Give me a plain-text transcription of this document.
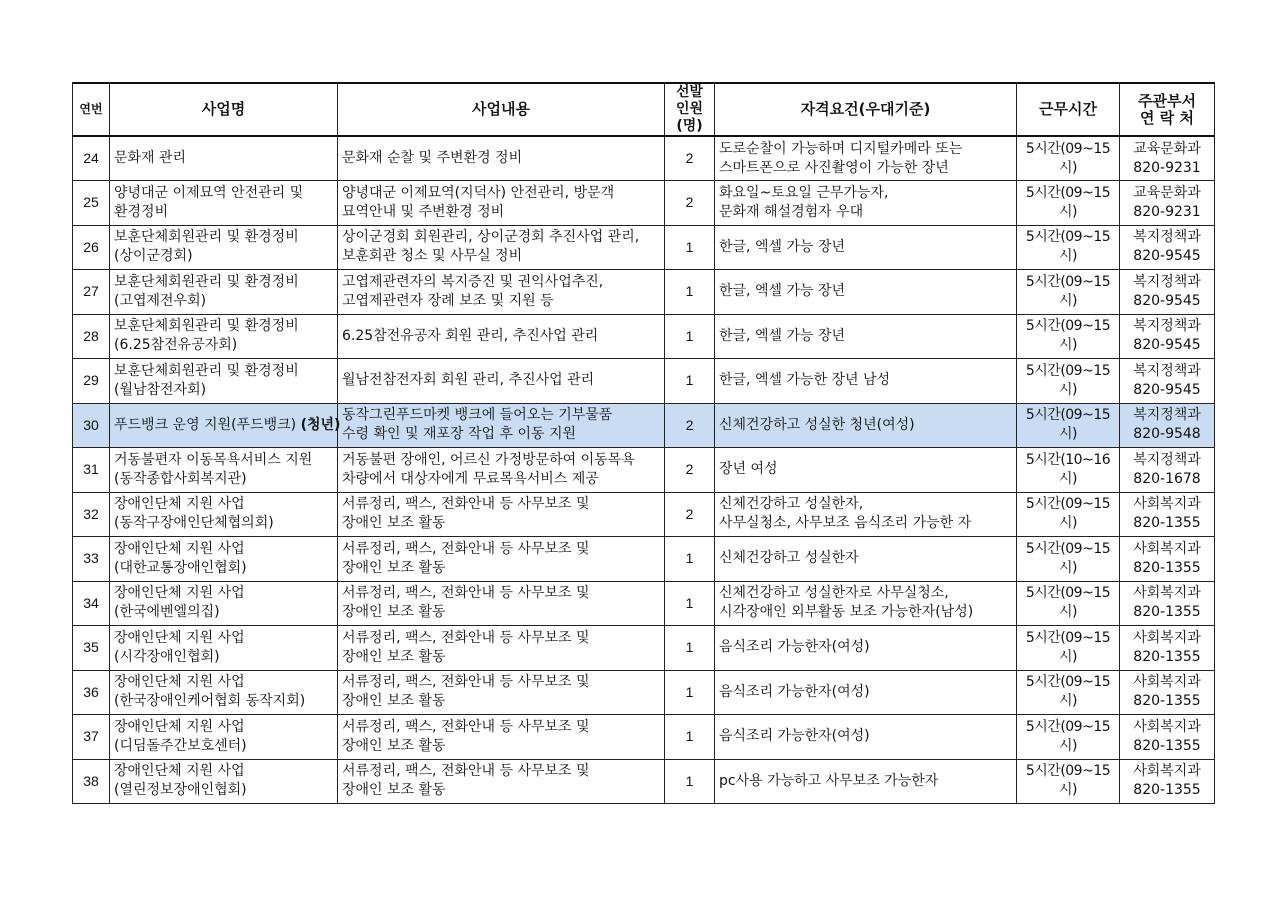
연번	사업명	사업내용	선발 인원 (명)	자격요건(우대기준)	근무시간	주관부서 연 락 처
24	문화재 관리	문화재 순찰 및 주변환경 정비	2	도로순찰이 가능하며 디지털카메라 또는
스마트폰으로 사진촬영이 가능한 장년	5시간(09~15시)	교육문화과
820-9231

25	양녕대군 이제묘역 안전관리 및
환경정비	양녕대군 이제묘역(지덕사) 안전관리, 방문객
묘역안내 및 주변환경 정비	2	화요일~토요일 근무가능자,
문화재 해설경험자 우대	5시간(09~15시)	교육문화과
820-9231

26	보훈단체회원관리 및 환경정비
(상이군경회)	상이군경회 회원관리, 상이군경회 추진사업 관리,
보훈회관 청소 및 사무실 정비	1	한글, 엑셀 가능 장년	5시간(09~15시)	복지정책과
820-9545

27	보훈단체회원관리 및 환경정비
(고엽제전우회)	고엽제관련자의 복지증진 및 권익사업추진,
고엽제관련자 장례 보조 및 지원 등	1	한글, 엑셀 가능 장년	5시간(09~15시)	복지정책과
820-9545

28	보훈단체회원관리 및 환경정비
(6.25참전유공자회)	6.25참전유공자 회원 관리, 추진사업 관리	1	한글, 엑셀 가능 장년	5시간(09~15시)	복지정책과
820-9545

29	보훈단체회원관리 및 환경정비
(월남참전자회)	월남전참전자회 회원 관리, 추진사업 관리	1	한글, 엑셀 가능한 장년 남성	5시간(09~15시)	복지정책과
820-9545

30	푸드뱅크 운영 지원(푸드뱅크) (청년)	동작그린푸드마켓 뱅크에 들어오는 기부물품
수령 확인 및 재포장 작업 후 이동 지원	2	신체건강하고 성실한 청년(여성)	5시간(09~15시)	복지정책과
820-9548

31	거동불편자 이동목욕서비스 지원
(동작종합사회복지관)	거동불편 장애인, 어르신 가정방문하여 이동목욕
차량에서 대상자에게 무료목욕서비스 제공	2	장년 여성	5시간(10~16시)	복지정책과
820-1678

32	장애인단체 지원 사업
(동작구장애인단체협의회)	서류정리, 팩스, 전화안내 등 사무보조 및
장애인 보조 활동	2	신체건강하고 성실한자,
사무실청소, 사무보조 음식조리 가능한 자	5시간(09~15시)	사회복지과
820-1355

33	장애인단체 지원 사업
(대한교통장애인협회)	서류정리, 팩스, 전화안내 등 사무보조 및
장애인 보조 활동	1	신체건강하고 성실한자	5시간(09~15시)	사회복지과
820-1355

34	장애인단체 지원 사업
(한국에벤엘의집)	서류정리, 팩스, 전화안내 등 사무보조 및
장애인 보조 활동	1	신체건강하고 성실한자로 사무실청소,
시각장애인 외부활동 보조 가능한자(남성)	5시간(09~15시)	사회복지과
820-1355

35	장애인단체 지원 사업
(시각장애인협회)	서류정리, 팩스, 전화안내 등 사무보조 및
장애인 보조 활동	1	음식조리 가능한자(여성)	5시간(09~15시)	사회복지과
820-1355

36	장애인단체 지원 사업
(한국장애인케어협회 동작지회)	서류정리, 팩스, 전화안내 등 사무보조 및
장애인 보조 활동	1	음식조리 가능한자(여성)	5시간(09~15시)	사회복지과
820-1355

37	장애인단체 지원 사업
(디딤돌주간보호센터)	서류정리, 팩스, 전화안내 등 사무보조 및
장애인 보조 활동	1	음식조리 가능한자(여성)	5시간(09~15시)	사회복지과
820-1355

38	장애인단체 지원 사업
(열린정보장애인협회)	서류정리, 팩스, 전화안내 등 사무보조 및
장애인 보조 활동	1	pc사용 가능하고 사무보조 가능한자	5시간(09~15시)	사회복지과
820-1355
